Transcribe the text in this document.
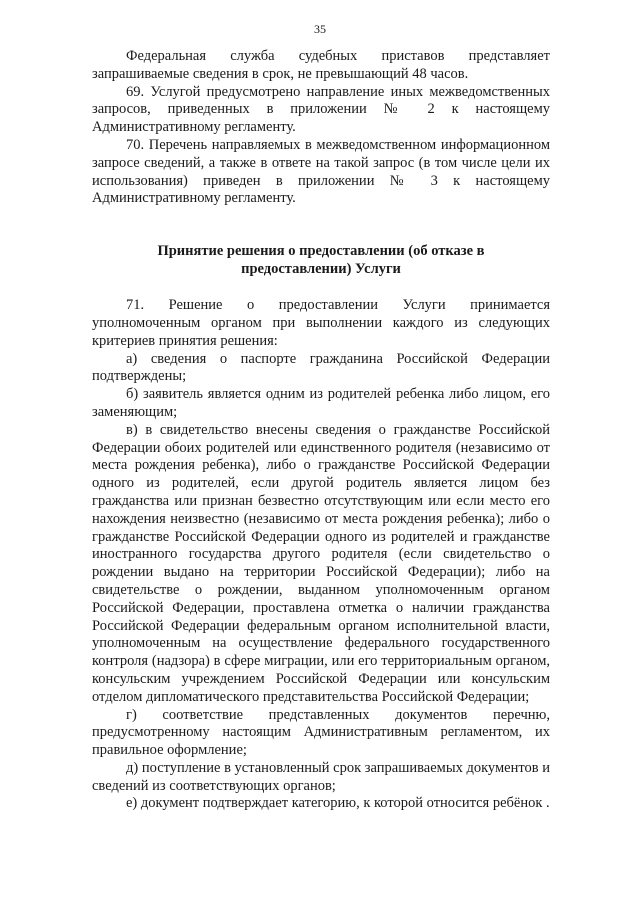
35

Федеральная служба судебных приставов представляет запрашиваемые сведения в срок, не превышающий 48 часов.

69. Услугой предусмотрено направление иных межведомственных запросов, приведенных в приложении № 2 к настоящему Административному регламенту.

70. Перечень направляемых в межведомственном информационном запросе сведений, а также в ответе на такой запрос (в том числе цели их использования) приведен в приложении № 3 к настоящему Административному регламенту.

Принятие решения о предоставлении (об отказе в предоставлении) Услуги

71. Решение о предоставлении Услуги принимается уполномоченным органом при выполнении каждого из следующих критериев принятия решения:

а) сведения о паспорте гражданина Российской Федерации подтверждены;

б) заявитель является одним из родителей ребенка либо лицом, его заменяющим;

в) в свидетельство внесены сведения о гражданстве Российской Федерации обоих родителей или единственного родителя (независимо от места рождения ребенка), либо о гражданстве Российской Федерации одного из родителей, если другой родитель является лицом без гражданства или признан безвестно отсутствующим или если место его нахождения неизвестно (независимо от места рождения ребенка); либо о гражданстве Российской Федерации одного из родителей и гражданстве иностранного государства другого родителя (если свидетельство о рождении выдано на территории Российской Федерации); либо на свидетельстве о рождении, выданном уполномоченным органом Российской Федерации, проставлена отметка о наличии гражданства Российской Федерации федеральным органом исполнительной власти, уполномоченным на осуществление федерального государственного контроля (надзора) в сфере миграции, или его территориальным органом, консульским учреждением Российской Федерации или консульским отделом дипломатического представительства Российской Федерации;

г) соответствие представленных документов перечню, предусмотренному настоящим Административным регламентом, их правильное оформление;

д) поступление в установленный срок запрашиваемых документов и сведений из соответствующих органов;

е) документ подтверждает категорию, к которой относится ребёнок .
